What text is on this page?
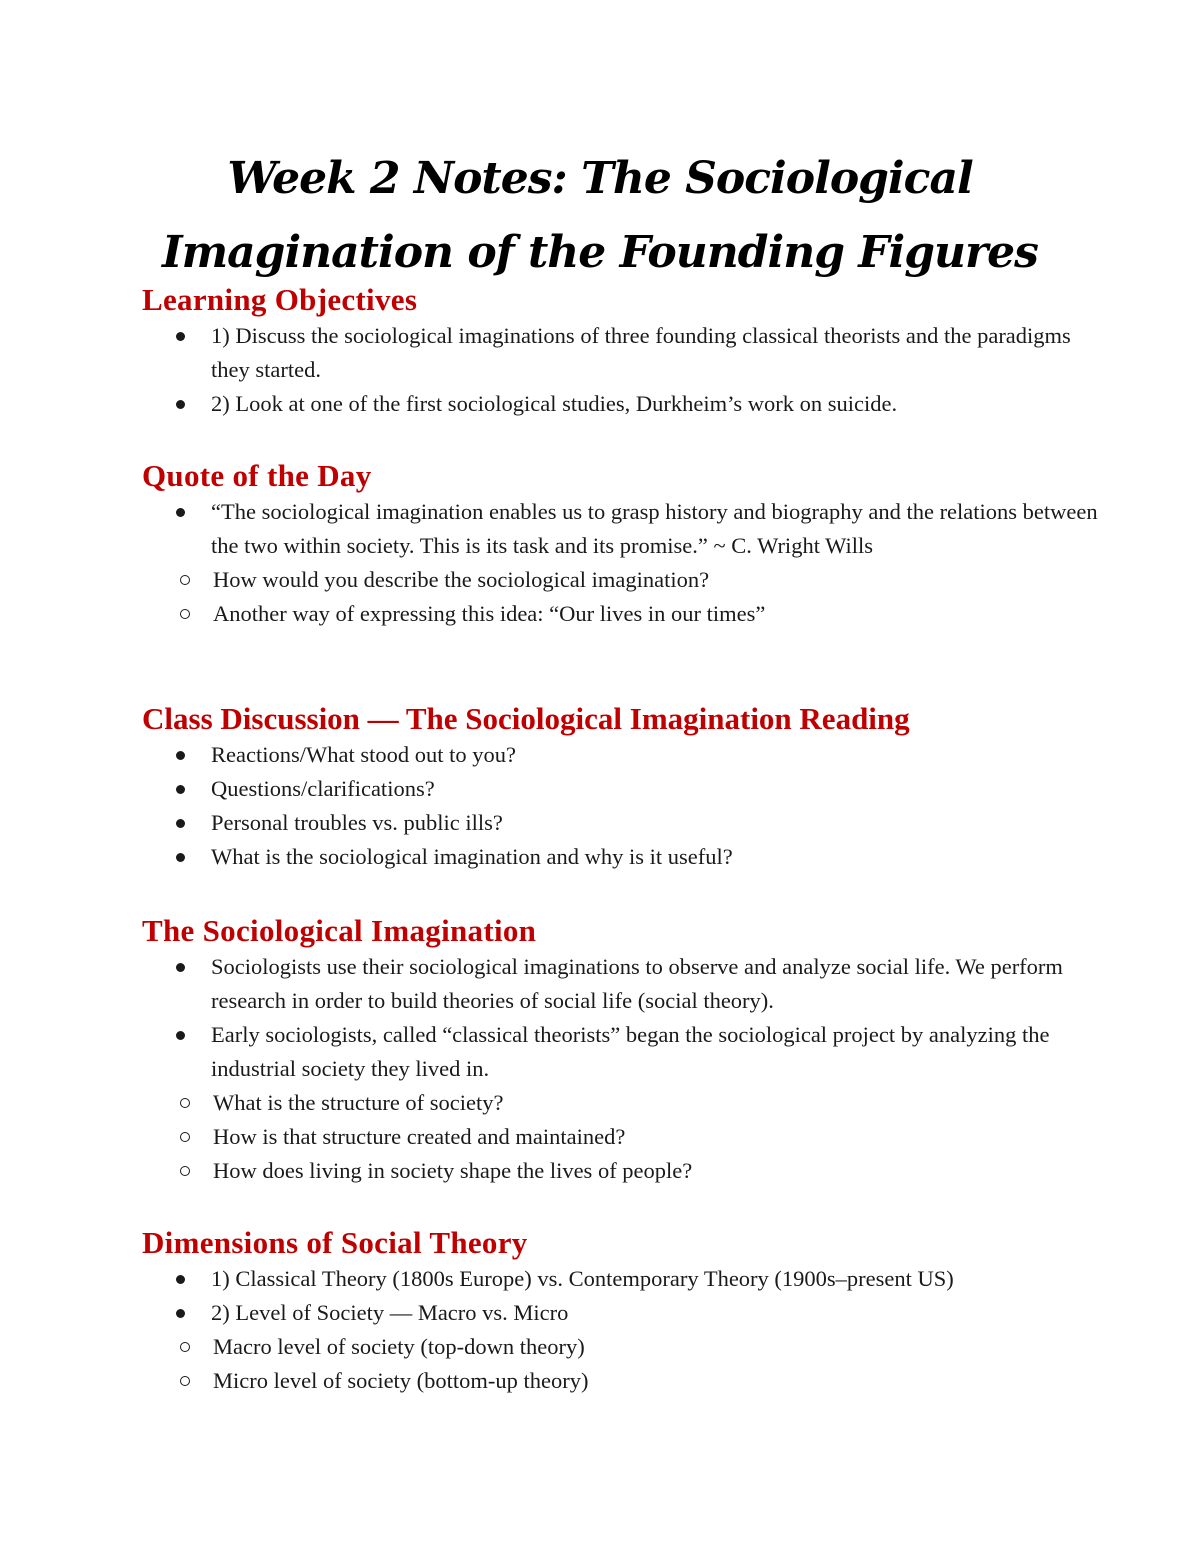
Week 2 Notes: The Sociological
Imagination of the Founding Figures
Learning Objectives
1) Discuss the sociological imaginations of three founding classical theorists and the paradigms they started.
2) Look at one of the first sociological studies, Durkheim’s work on suicide.
Quote of the Day
“The sociological imagination enables us to grasp history and biography and the relations between the two within society. This is its task and its promise.” ~ C. Wright Wills
How would you describe the sociological imagination?
Another way of expressing this idea: “Our lives in our times”
Class Discussion — The Sociological Imagination Reading
Reactions/What stood out to you?
Questions/clarifications?
Personal troubles vs. public ills?
What is the sociological imagination and why is it useful?
The Sociological Imagination
Sociologists use their sociological imaginations to observe and analyze social life. We perform research in order to build theories of social life (social theory).
Early sociologists, called “classical theorists” began the sociological project by analyzing the industrial society they lived in.
What is the structure of society?
How is that structure created and maintained?
How does living in society shape the lives of people?
Dimensions of Social Theory
1) Classical Theory (1800s Europe) vs. Contemporary Theory (1900s–present US)
2) Level of Society — Macro vs. Micro
Macro level of society (top-down theory)
Micro level of society (bottom-up theory)
